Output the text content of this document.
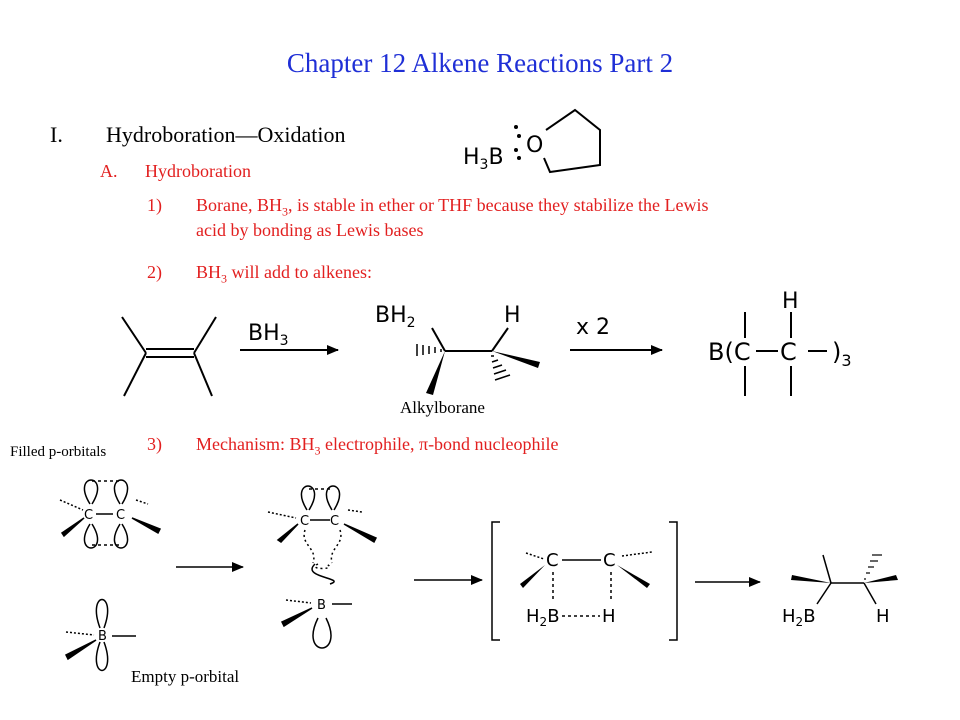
Chapter 12 Alkene Reactions Part 2
I. Hydroboration—Oxidation
A. Hydroboration
1) Borane, $BH_3$, is stable in ether or THF because they stabilize the Lewis
acid by bonding as Lewis bases
2) $BH_3$ will add to alkenes:
3) Mechanism: $BH_3$ electrophile, π-bond nucleophile
Alkylborane
Filled p-orbitals
Empty p-orbital
$H_3B$ O
$BH_3$
$BH_2$	H	x 2
B(C C )$_3$
H
C C
B
C C
B
C C
$H_2B$ H	$H_2B$	H
